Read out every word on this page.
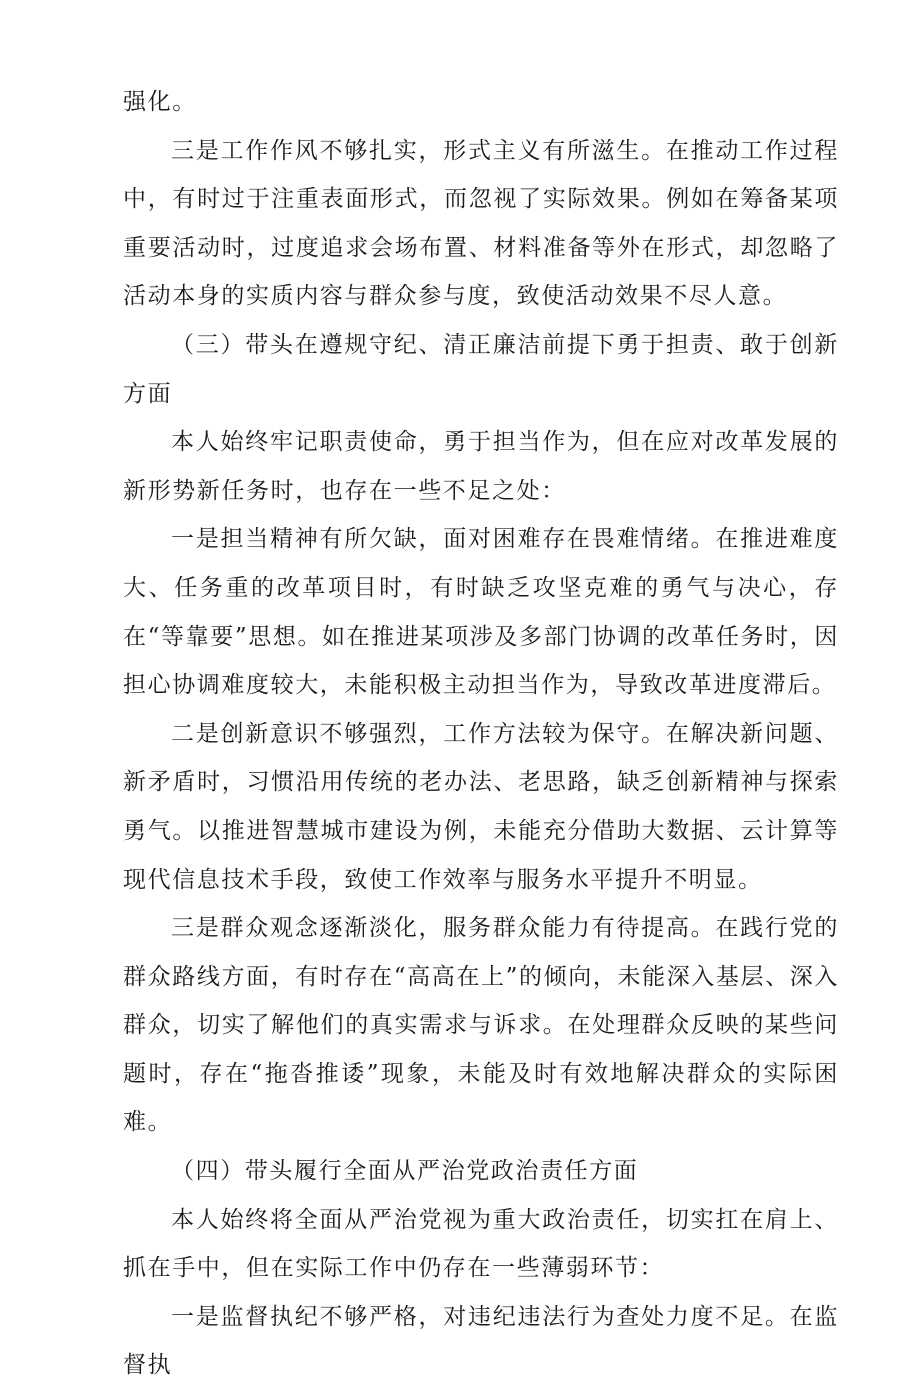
强化。

三是工作作风不够扎实，形式主义有所滋生。在推动工作过程中，有时过于注重表面形式，而忽视了实际效果。例如在筹备某项重要活动时，过度追求会场布置、材料准备等外在形式，却忽略了活动本身的实质内容与群众参与度，致使活动效果不尽人意。

（三）带头在遵规守纪、清正廉洁前提下勇于担责、敢于创新方面

本人始终牢记职责使命，勇于担当作为，但在应对改革发展的新形势新任务时，也存在一些不足之处：

一是担当精神有所欠缺，面对困难存在畏难情绪。在推进难度大、任务重的改革项目时，有时缺乏攻坚克难的勇气与决心，存在“等靠要”思想。如在推进某项涉及多部门协调的改革任务时，因担心协调难度较大，未能积极主动担当作为，导致改革进度滞后。

二是创新意识不够强烈，工作方法较为保守。在解决新问题、新矛盾时，习惯沿用传统的老办法、老思路，缺乏创新精神与探索勇气。以推进智慧城市建设为例，未能充分借助大数据、云计算等现代信息技术手段，致使工作效率与服务水平提升不明显。

三是群众观念逐渐淡化，服务群众能力有待提高。在践行党的群众路线方面，有时存在“高高在上”的倾向，未能深入基层、深入群众，切实了解他们的真实需求与诉求。在处理群众反映的某些问题时，存在“拖沓推诿”现象，未能及时有效地解决群众的实际困难。

（四）带头履行全面从严治党政治责任方面

本人始终将全面从严治党视为重大政治责任，切实扛在肩上、抓在手中，但在实际工作中仍存在一些薄弱环节：

一是监督执纪不够严格，对违纪违法行为查处力度不足。在监督执
